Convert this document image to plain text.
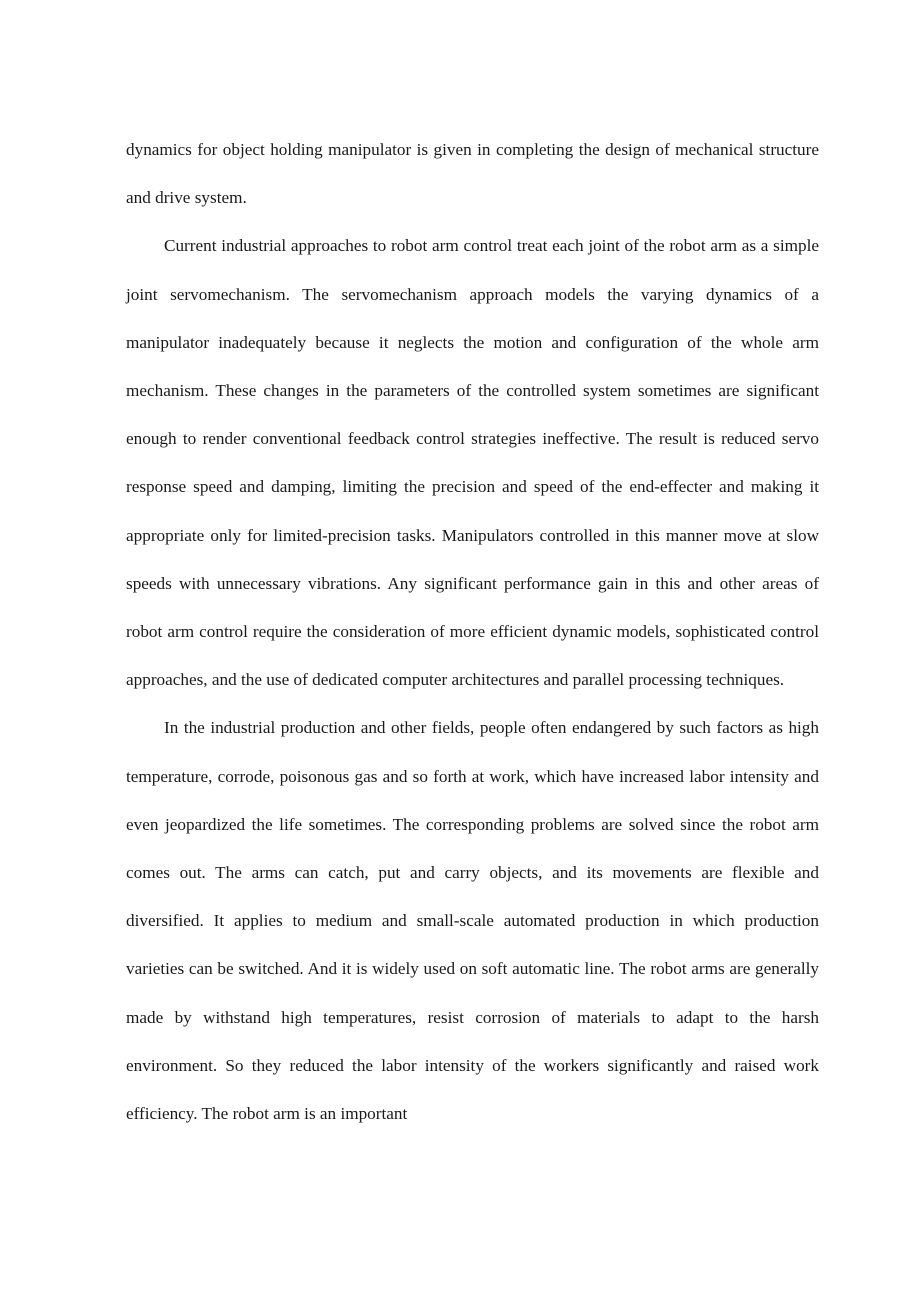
dynamics for object holding manipulator is given in completing the design of mechanical structure and drive system.

Current industrial approaches to robot arm control treat each joint of the robot arm as a simple joint servomechanism. The servomechanism approach models the varying dynamics of a manipulator inadequately because it neglects the motion and configuration of the whole arm mechanism. These changes in the parameters of the controlled system sometimes are significant enough to render conventional feedback control strategies ineffective. The result is reduced servo response speed and damping, limiting the precision and speed of the end-effecter and making it appropriate only for limited-precision tasks. Manipulators controlled in this manner move at slow speeds with unnecessary vibrations. Any significant performance gain in this and other areas of robot arm control require the consideration of more efficient dynamic models, sophisticated control approaches, and the use of dedicated computer architectures and parallel processing techniques.

In the industrial production and other fields, people often endangered by such factors as high temperature, corrode, poisonous gas and so forth at work, which have increased labor intensity and even jeopardized the life sometimes. The corresponding problems are solved since the robot arm comes out. The arms can catch, put and carry objects, and its movements are flexible and diversified. It applies to medium and small-scale automated production in which production varieties can be switched. And it is widely used on soft automatic line. The robot arms are generally made by withstand high temperatures, resist corrosion of materials to adapt to the harsh environment. So they reduced the labor intensity of the workers significantly and raised work efficiency. The robot arm is an important
